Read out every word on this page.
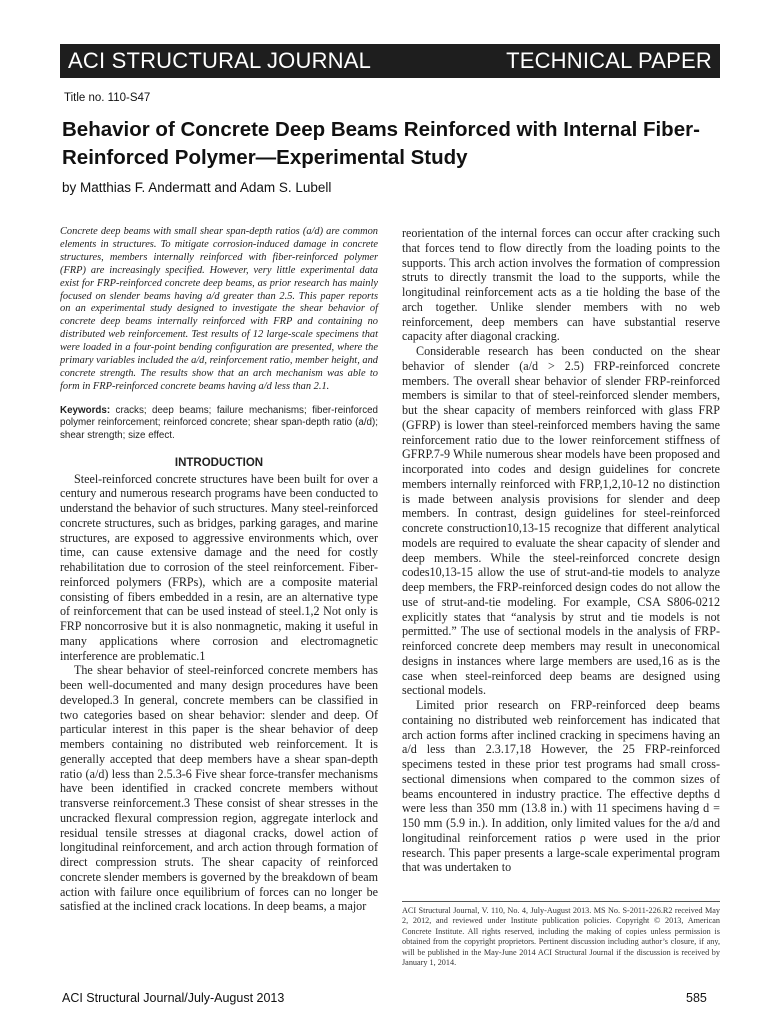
ACI STRUCTURAL JOURNAL	TECHNICAL PAPER
Title no. 110-S47
Behavior of Concrete Deep Beams Reinforced with Internal Fiber-Reinforced Polymer—Experimental Study
by Matthias F. Andermatt and Adam S. Lubell

Concrete deep beams with small shear span-depth ratios (a/d) are common elements in structures. To mitigate corrosion-induced damage in concrete structures, members internally reinforced with fiber-reinforced polymer (FRP) are increasingly specified. However, very little experimental data exist for FRP-reinforced concrete deep beams, as prior research has mainly focused on slender beams having a/d greater than 2.5. This paper reports on an experimental study designed to investigate the shear behavior of concrete deep beams internally reinforced with FRP and containing no distributed web reinforcement. Test results of 12 large-scale specimens that were loaded in a four-point bending configuration are presented, where the primary variables included the a/d, reinforcement ratio, member height, and concrete strength. The results show that an arch mechanism was able to form in FRP-reinforced concrete beams having a/d less than 2.1.

Keywords: cracks; deep beams; failure mechanisms; fiber-reinforced polymer reinforcement; reinforced concrete; shear span-depth ratio (a/d); shear strength; size effect.

INTRODUCTION

Steel-reinforced concrete structures have been built for over a century and numerous research programs have been conducted to understand the behavior of such structures. Many steel-reinforced concrete structures, such as bridges, parking garages, and marine structures, are exposed to aggressive environments which, over time, can cause extensive damage and the need for costly rehabilitation due to corrosion of the steel reinforcement. Fiber-reinforced polymers (FRPs), which are a composite material consisting of fibers embedded in a resin, are an alternative type of reinforcement that can be used instead of steel.1,2 Not only is FRP noncorrosive but it is also nonmagnetic, making it useful in many applications where corrosion and electromagnetic interference are problematic.1

The shear behavior of steel-reinforced concrete members has been well-documented and many design procedures have been developed.3 In general, concrete members can be classified in two categories based on shear behavior: slender and deep. Of particular interest in this paper is the shear behavior of deep members containing no distributed web reinforcement. It is generally accepted that deep members have a shear span-depth ratio (a/d) less than 2.5.3-6 Five shear force-transfer mechanisms have been identified in cracked concrete members without transverse reinforcement.3 These consist of shear stresses in the uncracked flexural compression region, aggregate interlock and residual tensile stresses at diagonal cracks, dowel action of longitudinal reinforcement, and arch action through formation of direct compression struts. The shear capacity of reinforced concrete slender members is governed by the breakdown of beam action with failure once equilibrium of forces can no longer be satisfied at the inclined crack locations. In deep beams, a major

reorientation of the internal forces can occur after cracking such that forces tend to flow directly from the loading points to the supports. This arch action involves the formation of compression struts to directly transmit the load to the supports, while the longitudinal reinforcement acts as a tie holding the base of the arch together. Unlike slender members with no web reinforcement, deep members can have substantial reserve capacity after diagonal cracking.

Considerable research has been conducted on the shear behavior of slender (a/d > 2.5) FRP-reinforced concrete members. The overall shear behavior of slender FRP-reinforced members is similar to that of steel-reinforced slender members, but the shear capacity of members reinforced with glass FRP (GFRP) is lower than steel-reinforced members having the same reinforcement ratio due to the lower reinforcement stiffness of GFRP.7-9 While numerous shear models have been proposed and incorporated into codes and design guidelines for concrete members internally reinforced with FRP,1,2,10-12 no distinction is made between analysis provisions for slender and deep members. In contrast, design guidelines for steel-reinforced concrete construction10,13-15 recognize that different analytical models are required to evaluate the shear capacity of slender and deep members. While the steel-reinforced concrete design codes10,13-15 allow the use of strut-and-tie models to analyze deep members, the FRP-reinforced design codes do not allow the use of strut-and-tie modeling. For example, CSA S806-0212 explicitly states that “analysis by strut and tie models is not permitted.” The use of sectional models in the analysis of FRP-reinforced concrete deep members may result in uneconomical designs in instances where large members are used,16 as is the case when steel-reinforced deep beams are designed using sectional models.

Limited prior research on FRP-reinforced deep beams containing no distributed web reinforcement has indicated that arch action forms after inclined cracking in specimens having an a/d less than 2.3.17,18 However, the 25 FRP-reinforced specimens tested in these prior test programs had small cross-sectional dimensions when compared to the common sizes of beams encountered in industry practice. The effective depths d were less than 350 mm (13.8 in.) with 11 specimens having d = 150 mm (5.9 in.). In addition, only limited values for the a/d and longitudinal reinforcement ratios ρ were used in the prior research. This paper presents a large-scale experimental program that was undertaken to

ACI Structural Journal, V. 110, No. 4, July-August 2013. MS No. S-2011-226.R2 received May 2, 2012, and reviewed under Institute publication policies. Copyright © 2013, American Concrete Institute. All rights reserved, including the making of copies unless permission is obtained from the copyright proprietors. Pertinent discussion including author’s closure, if any, will be published in the May-June 2014 ACI Structural Journal if the discussion is received by January 1, 2014.
ACI Structural Journal/July-August 2013	585
